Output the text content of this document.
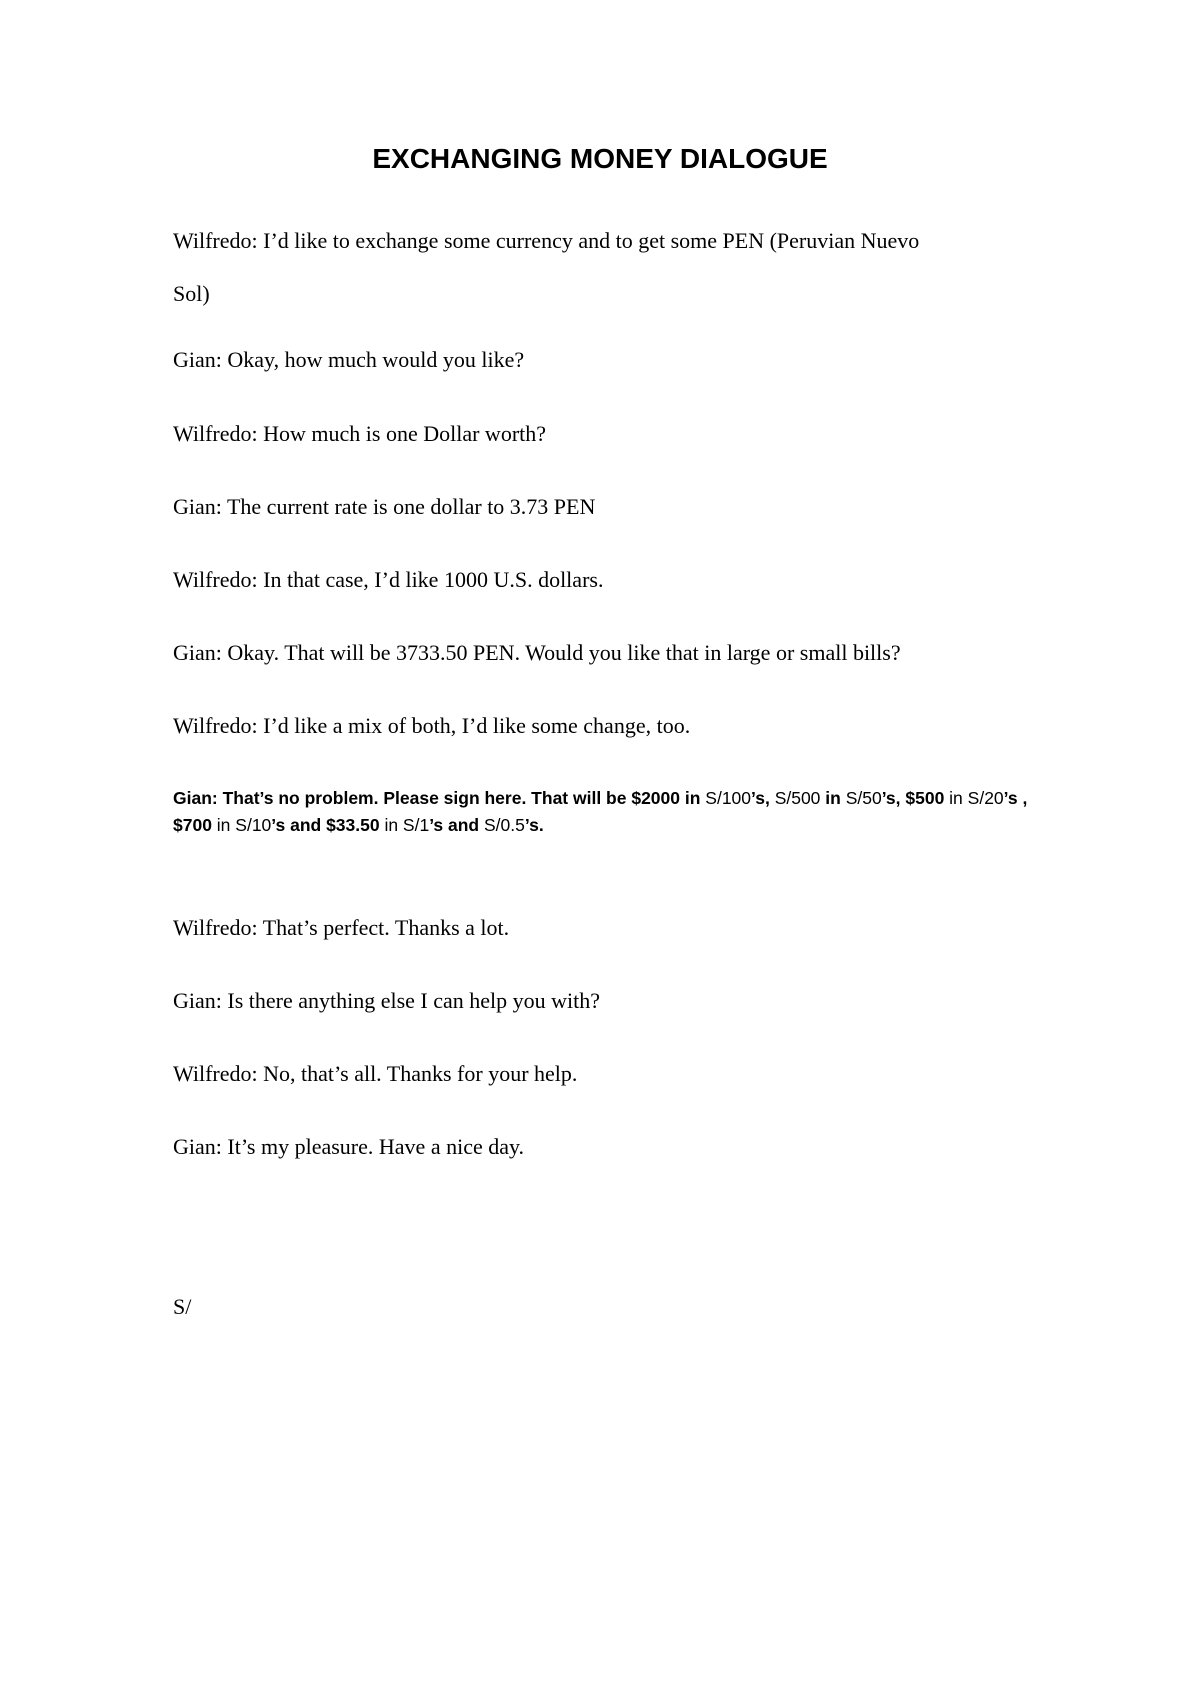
EXCHANGING MONEY DIALOGUE

Wilfredo: I’d like to exchange some currency and to get some PEN (Peruvian Nuevo

Sol)

Gian: Okay, how much would you like?

Wilfredo: How much is one Dollar worth?

Gian: The current rate is one dollar to 3.73 PEN

Wilfredo: In that case, I’d like 1000 U.S. dollars.

Gian: Okay. That will be 3733.50 PEN. Would you like that in large or small bills?

Wilfredo: I’d like a mix of both, I’d like some change, too.

Gian: That’s no problem. Please sign here. That will be $2000 in S/100’s, S/500 in S/50’s, $500 in S/20’s , $700 in S/10’s and $33.50 in S/1’s and S/0.5’s.

Wilfredo: That’s perfect. Thanks a lot.

Gian: Is there anything else I can help you with?

Wilfredo: No, that’s all. Thanks for your help.

Gian: It’s my pleasure. Have a nice day.

S/
